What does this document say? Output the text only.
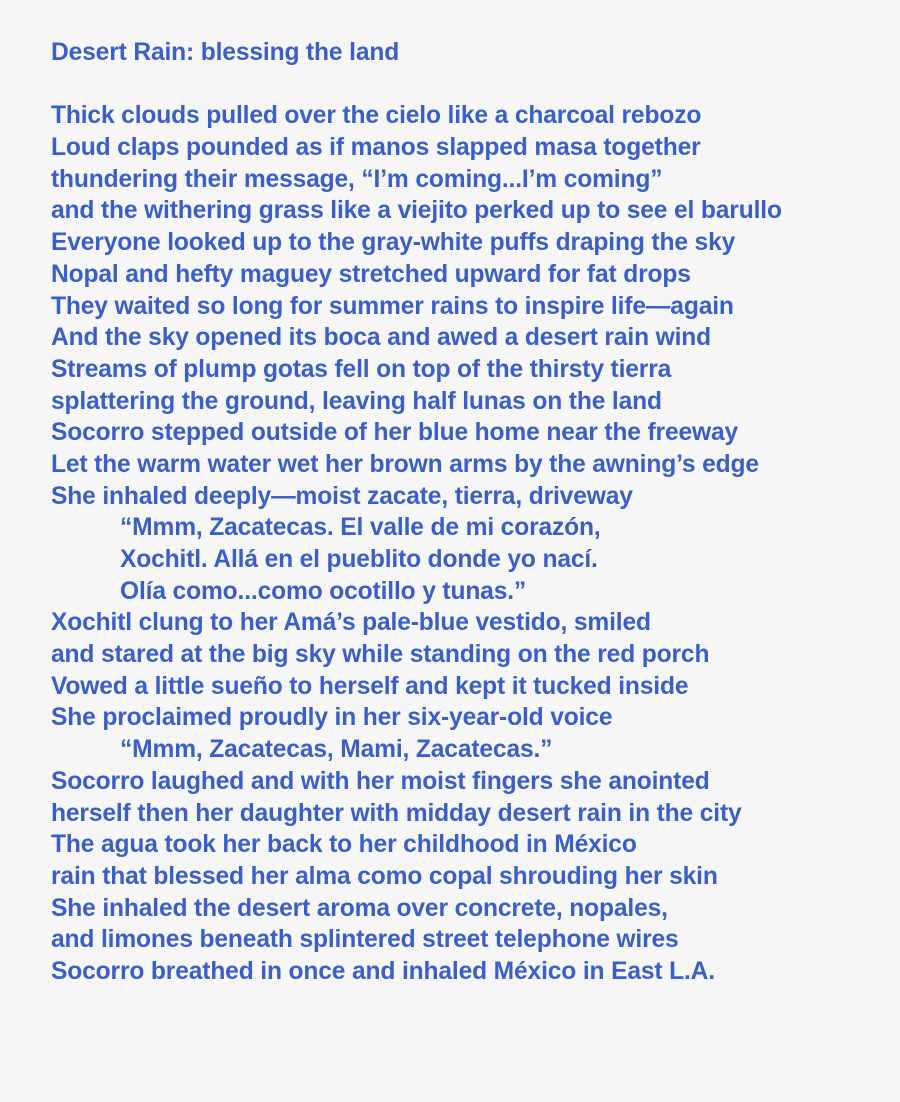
Desert Rain: blessing the land
Thick clouds pulled over the cielo like a charcoal rebozo
Loud claps pounded as if manos slapped masa together
thundering their message, “I’m coming...I’m coming”
and the withering grass like a viejito perked up to see el barullo
Everyone looked up to the gray-white puffs draping the sky
Nopal and hefty maguey stretched upward for fat drops
They waited so long for summer rains to inspire life—again
And the sky opened its boca and awed a desert rain wind
Streams of plump gotas fell on top of the thirsty tierra
splattering the ground, leaving half lunas on the land
Socorro stepped outside of her blue home near the freeway
Let the warm water wet her brown arms by the awning’s edge
She inhaled deeply—moist zacate, tierra, driveway
“Mmm, Zacatecas. El valle de mi corazón,
Xochitl. Allá en el pueblito donde yo nací.
Olía como...como ocotillo y tunas.”
Xochitl clung to her Amá’s pale-blue vestido, smiled
and stared at the big sky while standing on the red porch
Vowed a little sueño to herself and kept it tucked inside
She proclaimed proudly in her six-year-old voice
“Mmm, Zacatecas, Mami, Zacatecas.”
Socorro laughed and with her moist fingers she anointed
herself then her daughter with midday desert rain in the city
The agua took her back to her childhood in México
rain that blessed her alma como copal shrouding her skin
She inhaled the desert aroma over concrete, nopales,
and limones beneath splintered street telephone wires
Socorro breathed in once and inhaled México in East L.A.
